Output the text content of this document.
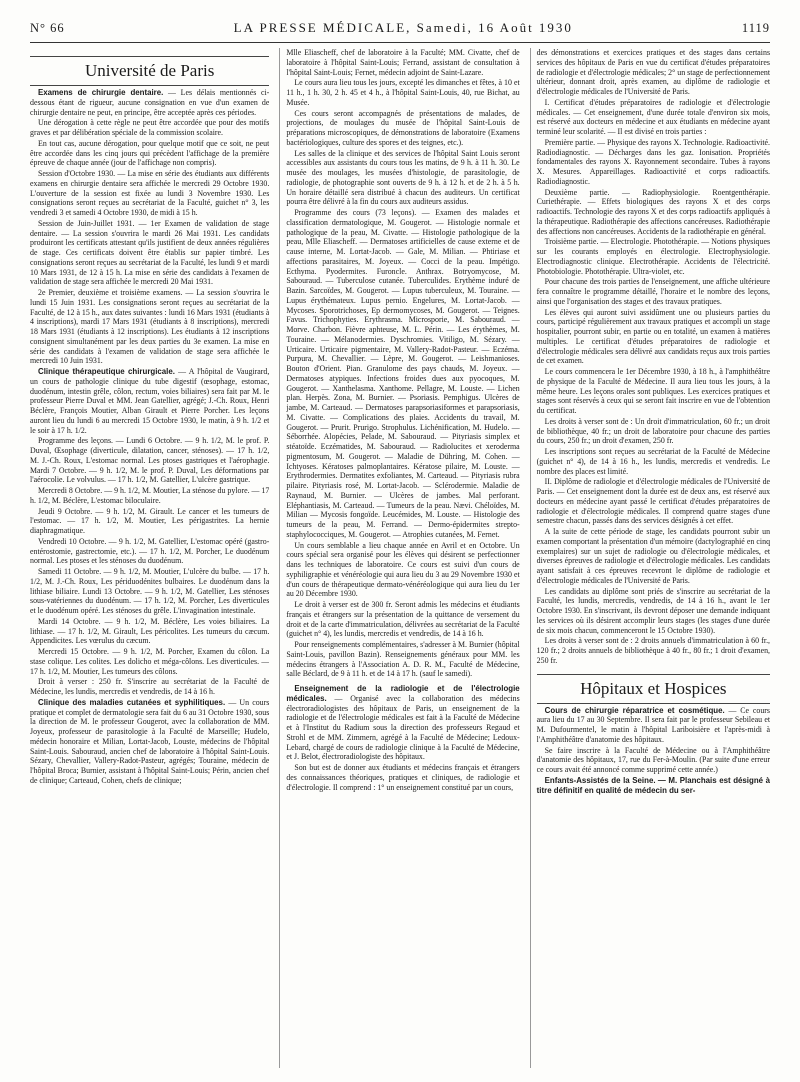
N° 66	LA PRESSE MÉDICALE, Samedi, 16 Août 1930	1119
Université de Paris

Examens de chirurgie dentaire. — Les délais mentionnés ci-dessous étant de rigueur, aucune consignation en vue d'un examen de chirurgie dentaire ne peut, en principe, être acceptée après ces périodes.

Une dérogation à cette règle ne peut être accordée que pour des motifs graves et par délibération spéciale de la commission scolaire.

En tout cas, aucune dérogation, pour quelque motif que ce soit, ne peut être accordée dans les cinq jours qui précèdent l'affichage de la première épreuve de chaque année (jour de l'affichage non compris).

Session d'Octobre 1930. — La mise en série des étudiants aux différents examens en chirurgie dentaire sera affichée le mercredi 29 Octobre 1930. L'ouverture de la session est fixée au lundi 3 Novembre 1930. Les consignations seront reçues au secrétariat de la Faculté, guichet n° 3, les vendredi 3 et samedi 4 Octobre 1930, de midi à 15 h.

Session de Juin-Juillet 1931. — 1er Examen de validation de stage dentaire. — La session s'ouvrira le mardi 26 Mai 1931. Les candidats produiront les certificats attestant qu'ils justifient de deux années régulières de stage. Ces certificats doivent être établis sur papier timbré. Les consignations seront reçues au secrétariat de la Faculté, les lundi 9 et mardi 10 Mars 1931, de 12 à 15 h. La mise en série des candidats à l'examen de validation de stage sera affichée le mercredi 20 Mai 1931.

2e Premier, deuxième et troisième examens. — La session s'ouvrira le lundi 15 Juin 1931. Les consignations seront reçues au secrétariat de la Faculté, de 12 à 15 h., aux dates suivantes : lundi 16 Mars 1931 (étudiants à 4 inscriptions), mardi 17 Mars 1931 (étudiants à 8 inscriptions), mercredi 18 Mars 1931 (étudiants à 12 inscriptions). Les étudiants à 12 inscriptions consignent simultanément par les deux parties du 3e examen. La mise en série des candidats à l'examen de validation de stage sera affichée le mercredi 10 Juin 1931.

Clinique thérapeutique chirurgicale. — A l'hôpital de Vaugirard, un cours de pathologie clinique du tube digestif (œsophage, estomac, duodénum, intestin grêle, côlon, rectum, voies biliaires) sera fait par M. le professeur Pierre Duval et MM. Jean Gatellier, agrégé; J.-Ch. Roux, Henri Béclère, François Moutier, Alban Girault et Pierre Porcher. Les leçons auront lieu du lundi 6 au mercredi 15 Octobre 1930, le matin, à 9 h. 1/2 et le soir à 17 h. 1/2.

Programme des leçons. — Lundi 6 Octobre. — 9 h. 1/2, M. le prof. P. Duval, Œsophage (diverticule, dilatation, cancer, sténoses). — 17 h. 1/2, M. J.-Ch. Roux, L'estomac normal. Les ptoses gastriques et l'aérophagie. Mardi 7 Octobre. — 9 h. 1/2, M. le prof. P. Duval, Les déformations par l'aérocolie. Le volvulus. — 17 h. 1/2, M. Gatellier, L'ulcère gastrique.

Mercredi 8 Octobre. — 9 h. 1/2, M. Moutier, La sténose du pylore. — 17 h. 1/2, M. Béclère, L'estomac biloculaire.

Jeudi 9 Octobre. — 9 h. 1/2, M. Girault. Le cancer et les tumeurs de l'estomac. — 17 h. 1/2, M. Moutier, Les périgastrites. La hernie diaphragmatique.

Vendredi 10 Octobre. — 9 h. 1/2, M. Gatellier, L'estomac opéré (gastro-entérostomie, gastrectomie, etc.). — 17 h. 1/2, M. Porcher, Le duodénum normal. Les ptoses et les sténoses du duodénum.

Samedi 11 Octobre. — 9 h. 1/2, M. Moutier, L'ulcère du bulbe. — 17 h. 1/2, M. J.-Ch. Roux, Les périduodénites bulbaires. Le duodénum dans la lithiase biliaire. Lundi 13 Octobre. — 9 h. 1/2, M. Gatellier, Les sténoses sous-vatériennes du duodénum. — 17 h. 1/2, M. Porcher, Les diverticules et le duodénum opéré. Les sténoses du grêle. L'invagination intestinale.

Mardi 14 Octobre. — 9 h. 1/2, M. Béclère, Les voies biliaires. La lithiase. — 17 h. 1/2, M. Girault, Les péricolites. Les tumeurs du cæcum. Appendicites. Les vœrulus du cæcum.

Mercredi 15 Octobre. — 9 h. 1/2, M. Porcher, Examen du côlon. La stase colique. Les colites. Les dolicho et méga-côlons. Les diverticules. — 17 h. 1/2, M. Moutier, Les tumeurs des côlons.

Droit à verser : 250 fr. S'inscrire au secrétariat de la Faculté de Médecine, les lundis, mercredis et vendredis, de 14 à 16 h.

Clinique des maladies cutanées et syphilitiques. — Un cours pratique et complet de dermatologie sera fait du 6 au 31 Octobre 1930, sous la direction de M. le professeur Gougerot, avec la collaboration de MM. Joyeux, professeur de parasitologie à la Faculté de Marseille; Hudelo, médecin honoraire et Milian, Lortat-Jacob, Louste, médecins de l'hôpital Saint-Louis. Sabouraud, ancien chef de laboratoire à l'hôpital Saint-Louis. Sézary, Chevallier, Vallery-Radot-Pasteur, agrégés; Touraine, médecin de l'hôpital Broca; Burnier, assistant à l'hôpital Saint-Louis; Périn, ancien chef de clinique; Carteaud, Cohen, chefs de clinique;

Mlle Eliascheff, chef de laboratoire à la Faculté; MM. Civatte, chef de laboratoire à l'hôpital Saint-Louis; Ferrand, assistant de consultation à l'hôpital Saint-Louis; Fernet, médecin adjoint de Saint-Lazare.

Le cours aura lieu tous les jours, excepté les dimanches et fêtes, à 10 et 11 h., 1 h. 30, 2 h. 45 et 4 h., à l'hôpital Saint-Louis, 40, rue Bichat, au Musée.

Ces cours seront accompagnés de présentations de malades, de projections, de moulages du musée de l'hôpital Saint-Louis de préparations microscopiques, de démonstrations de laboratoire (Examens bactériologiques, culture des spores et des teignes, etc.).

Les salles de la clinique et des services de l'hôpital Saint Louis seront accessibles aux assistants du cours tous les matins, de 9 h. à 11 h. 30. Le musée des moulages, les musées d'histologie, de parasitologie, de radiologie, de photographie sont ouverts de 9 h. à 12 h. et de 2 h. à 5 h. Un horaire détaillé sera distribué à chacun des auditeurs. Un certificat pourra être délivré à la fin du cours aux auditeurs assidus.

Programme des cours (73 leçons). — Examen des malades et classification dermatologique, M. Gougerot. — Histologie normale et pathologique de la peau, M. Civatte. — Histologie pathologique de la peau, Mlle Eliascheff. — Dermatoses artificielles de cause externe et de cause interne, M. Lortat-Jacob. — Gale, M. Milian. — Phtiriase et affections parasitaires, M. Joyeux. — Cocci de la peau. Impétigo. Ecthyma. Pyodermites. Furoncle. Anthrax. Botryomycose, M. Sabouraud. — Tuberculose cutanée. Tuberculides. Erythème induré de Bazin. Sarcoïdes, M. Gougerot. — Lupus tuberculeux, M. Touraine. — Lupus érythémateux. Lupus pernio. Engelures, M. Lortat-Jacob. — Mycoses. Sporotrichoses, Ep dermomycoses, M. Gougerot. — Teignes. Favus. Trichophyties. Erythrasma. Microsporie, M. Sabouraud. — Morve. Charbon. Fièvre aphteuse, M. L. Périn. — Les érythèmes, M. Touraine. — Mélanodermies. Dyschromies. Vitiligo, M. Sézary. — Urticaire. Urticaire pigmentaire, M. Vallery-Radot-Pasteur. — Eczéma. Purpura, M. Chevallier. — Lèpre, M. Gougerot. — Leishmanioses. Bouton d'Orient. Pian. Granulome des pays chauds, M. Joyeux. — Dermatoses atypiques. Infections froides dues aux pyocoques, M. Gougerot. — Xanthelasma. Xanthome. Pellagre, M. Louste. — Lichen plan. Herpès. Zona, M. Burnier. — Psoriasis. Pemphigus. Ulcères de jambe, M. Carteaud. — Dermatoses parapsoriasiformes et parapsoriasis, M. Civatte. — Complications des plaies. Accidents du travail, M. Gougerot. — Prurit. Prurigo. Strophulus. Lichénification, M. Hudelo. — Séborrhée. Alopécies, Pelade, M. Sabouraud. — Pityriasis simplex et stéatoïde. Eczématides, M. Sabouraud. — Radiolucites et xeroderma pigmentosum, M. Gougerot. — Maladie de Dühring, M. Cohen. — Ichtyoses. Kératoses palmoplantaires. Kératose pilaire, M. Louste. — Erythrodermies. Dermatites exfoliantes, M. Carteaud. — Pityriasis rubra pilaire. Pityriasis rosé, M. Lortat-Jacob. — Sclérodermie. Maladie de Raynaud, M. Burnier. — Ulcères de jambes. Mal perforant. Eléphantiasis, M. Carteaud. — Tumeurs de la peau. Nævi. Chéloïdes, M. Milian — Mycosis fongoïde. Leucémides, M. Louste. — Histologie des tumeurs de la peau, M. Ferrand. — Dermo-épidermites strepto-staphylococciques, M. Gougerot. — Atrophies cutanées, M. Fernet.

Un cours semblable a lieu chaque année en Avril et en Octobre. Un cours spécial sera organisé pour les élèves qui désirent se perfectionner dans les techniques de laboratoire. Ce cours est suivi d'un cours de syphiligraphie et vénéréologie qui aura lieu du 3 au 29 Novembre 1930 et d'un cours de thérapeutique dermato-vénéréologique qui aura lieu du 1er au 20 Décembre 1930.

Le droit à verser est de 300 fr. Seront admis les médecins et étudiants français et étrangers sur la présentation de la quittance de versement du droit et de la carte d'immatriculation, délivrées au secrétariat de la Faculté (guichet n° 4), les lundis, mercredis et vendredis, de 14 à 16 h.

Pour renseignements complémentaires, s'adresser à M. Burnier (hôpital Saint-Louis, pavillon Bazin). Renseignements généraux pour MM. les médecins étrangers à l'Association A. D. R. M., Faculté de Médecine, salle Béclard, de 9 à 11 h. et de 14 à 17 h. (sauf le samedi).

Enseignement de la radiologie et de l'électrologie médicales. — Organisé avec la collaboration des médecins électroradiologistes des hôpitaux de Paris, un enseignement de la radiologie et de l'électrologie médicales est fait à la Faculté de Médecine et à l'Institut du Radium sous la direction des professeurs Regaud et Strohl et de MM. Zimmern, agrégé à la Faculté de Médecine; Ledoux-Lebard, chargé de cours de radiologie clinique à la Faculté de Médecine, et J. Belot, électroradiologiste des hôpitaux.

Son but est de donner aux étudiants et médecins français et étrangers des connaissances théoriques, pratiques et cliniques, de radiologie et d'électrologie. Il comprend : 1° un enseignement constitué par un cours,

des démonstrations et exercices pratiques et des stages dans certains services des hôpitaux de Paris en vue du certificat d'études préparatoires de radiologie et d'électrologie médicales; 2° un stage de perfectionnement ultérieur, donnant droit, après examen, au diplôme de radiologie et d'électrologie médicales de l'Université de Paris.

I. Certificat d'études préparatoires de radiologie et d'électrologie médicales. — Cet enseignement, d'une durée totale d'environ six mois, est réservé aux docteurs en médecine et aux étudiants en médecine ayant terminé leur scolarité. — Il est divisé en trois parties :

Première partie. — Physique des rayons X. Technologie. Radioactivité. Radiodiagnostic. — Décharges dans les gaz. Ionisation. Propriétés fondamentales des rayons X. Rayonnement secondaire. Tubes à rayons X. Mesures. Appareillages. Radioactivité et corps radioactifs. Radiodiagnostic.

Deuxième partie. — Radiophysiologie. Roentgenthérapie. Curiethérapie. — Effets biologiques des rayons X et des corps radioactifs. Technologie des rayons X et des corps radioactifs appliqués à la thérapeutique. Radiothérapie des affections cancéreuses. Radiothérapie des affections non cancéreuses. Accidents de la radiothérapie en général.

Troisième partie. — Electrologie. Photothérapie. — Notions physiques sur les courants employés en électrologie. Electrophysiologie. Electrodiagnostic clinique. Electrothérapie. Accidents de l'électricité. Photobiologie. Photothérapie. Ultra-violet, etc.

Pour chacune des trois parties de l'enseignement, une affiche ultérieure fera connaître le programme détaillé, l'horaire et le nombre des leçons, ainsi que l'organisation des stages et des travaux pratiques.

Les élèves qui auront suivi assidûment une ou plusieurs parties du cours, participé régulièrement aux travaux pratiques et accompli un stage hospitalier, pourront subir, en partie ou en totalité, un examen à matières multiples. Le certificat d'études préparatoires de radiologie et d'électrologie médicales sera délivré aux candidats reçus aux trois parties de cet examen.

Le cours commencera le 1er Décembre 1930, à 18 h., à l'amphithéâtre de physique de la Faculté de Médecine. Il aura lieu tous les jours, à la même heure. Les leçons orales sont publiques. Les exercices pratiques et stages sont réservés à ceux qui se seront fait inscrire en vue de l'obtention du certificat.

Les droits à verser sont de : Un droit d'immatriculation, 60 fr.; un droit de bibliothèque, 40 fr.; un droit de laboratoire pour chacune des parties du cours, 250 fr.; un droit d'examen, 250 fr.

Les inscriptions sont reçues au secrétariat de la Faculté de Médecine (guichet n° 4), de 14 à 16 h., les lundis, mercredis et vendredis. Le nombre des places est limité.

II. Diplôme de radiologie et d'électrologie médicales de l'Université de Paris. — Cet enseignement dont la durée est de deux ans, est réservé aux docteurs en médecine ayant passé le certificat d'études préparatoires de radiologie et d'électrologie médicales. Il comprend quatre stages d'une semestre chacun, passés dans des services désignés à cet effet.

A la suite de cette période de stage, les candidats pourront subir un examen comportant la présentation d'un mémoire (dactylographié en cinq exemplaires) sur un sujet de radiologie ou d'électrologie médicales, et diverses épreuves de radiologie et d'électrologie médicales. Les candidats ayant satisfait à ces épreuves recevront le diplôme de radiologie et d'électrologie médicales de l'Université de Paris.

Les candidats au diplôme sont priés de s'inscrire au secrétariat de la Faculté, les lundis, mercredis, vendredis, de 14 à 16 h., avant le 1er Octobre 1930. En s'inscrivant, ils devront déposer une demande indiquant les services où ils désirent accomplir leurs stages (les stages d'une durée de six mois chacun, commenceront le 15 Octobre 1930).

Les droits à verser sont de : 2 droits annuels d'immatriculation à 60 fr., 120 fr.; 2 droits annuels de bibliothèque à 40 fr., 80 fr.; 1 droit d'examen, 250 fr.

Hôpitaux et Hospices

Cours de chirurgie réparatrice et cosmétique. — Ce cours aura lieu du 17 au 30 Septembre. Il sera fait par le professeur Sebileau et M. Dufourmentel, le matin à l'hôpital Lariboisière et l'après-midi à l'Amphithéâtre d'anatomie des hôpitaux.

Se faire inscrire à la Faculté de Médecine ou à l'Amphithéâtre d'anatomie des hôpitaux, 17, rue du Fer-à-Moulin. (Par suite d'une erreur ce cours avait été annoncé comme supprimé cette année.)

Enfants-Assistés de la Seine. — M. Planchais est désigné à titre définitif en qualité de médecin du ser-
